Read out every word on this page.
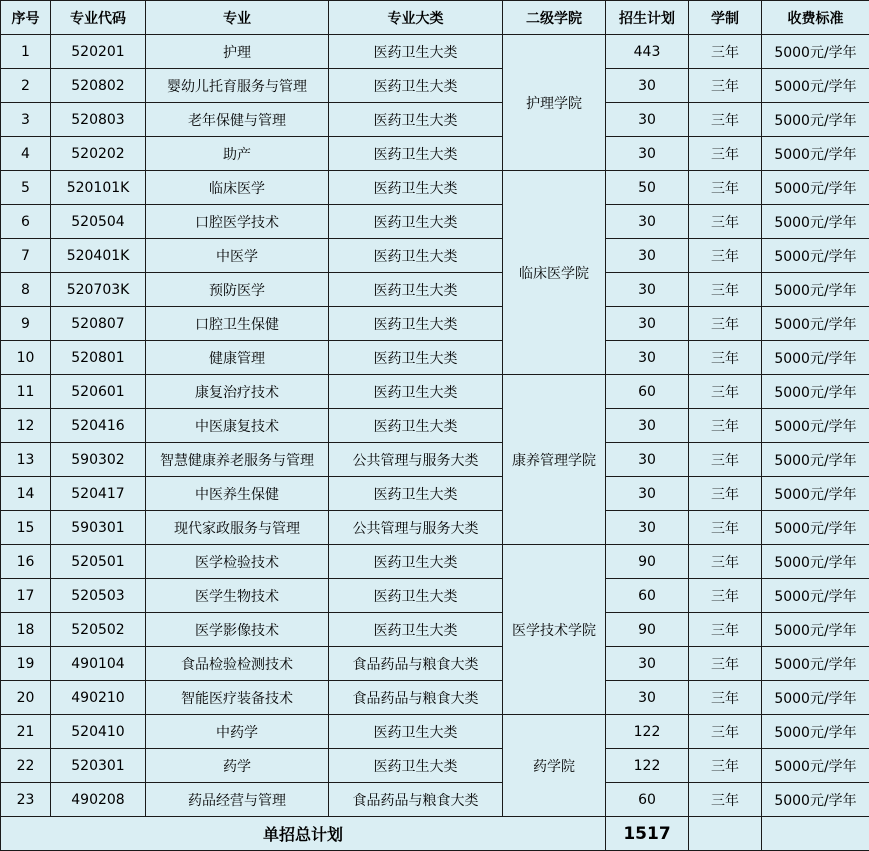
序号	专业代码	专业	专业大类	二级学院	招生计划	学制	收费标准
1	520201	护理	医药卫生大类	护理学院	443	三年	5000元/学年
2	520802	婴幼儿托育服务与管理	医药卫生大类		30	三年	5000元/学年
3	520803	老年保健与管理	医药卫生大类		30	三年	5000元/学年
4	520202	助产	医药卫生大类		30	三年	5000元/学年
5	520101K	临床医学	医药卫生大类	临床医学院	50	三年	5000元/学年
6	520504	口腔医学技术	医药卫生大类		30	三年	5000元/学年
7	520401K	中医学	医药卫生大类		30	三年	5000元/学年
8	520703K	预防医学	医药卫生大类		30	三年	5000元/学年
9	520807	口腔卫生保健	医药卫生大类		30	三年	5000元/学年
10	520801	健康管理	医药卫生大类		30	三年	5000元/学年
11	520601	康复治疗技术	医药卫生大类	康养管理学院	60	三年	5000元/学年
12	520416	中医康复技术	医药卫生大类		30	三年	5000元/学年
13	590302	智慧健康养老服务与管理	公共管理与服务大类		30	三年	5000元/学年
14	520417	中医养生保健	医药卫生大类		30	三年	5000元/学年
15	590301	现代家政服务与管理	公共管理与服务大类		30	三年	5000元/学年
16	520501	医学检验技术	医药卫生大类	医学技术学院	90	三年	5000元/学年
17	520503	医学生物技术	医药卫生大类		60	三年	5000元/学年
18	520502	医学影像技术	医药卫生大类		90	三年	5000元/学年
19	490104	食品检验检测技术	食品药品与粮食大类		30	三年	5000元/学年
20	490210	智能医疗装备技术	食品药品与粮食大类		30	三年	5000元/学年
21	520410	中药学	医药卫生大类	药学院	122	三年	5000元/学年
22	520301	药学	医药卫生大类		122	三年	5000元/学年
23	490208	药品经营与管理	食品药品与粮食大类		60	三年	5000元/学年
单招总计划					1517		
